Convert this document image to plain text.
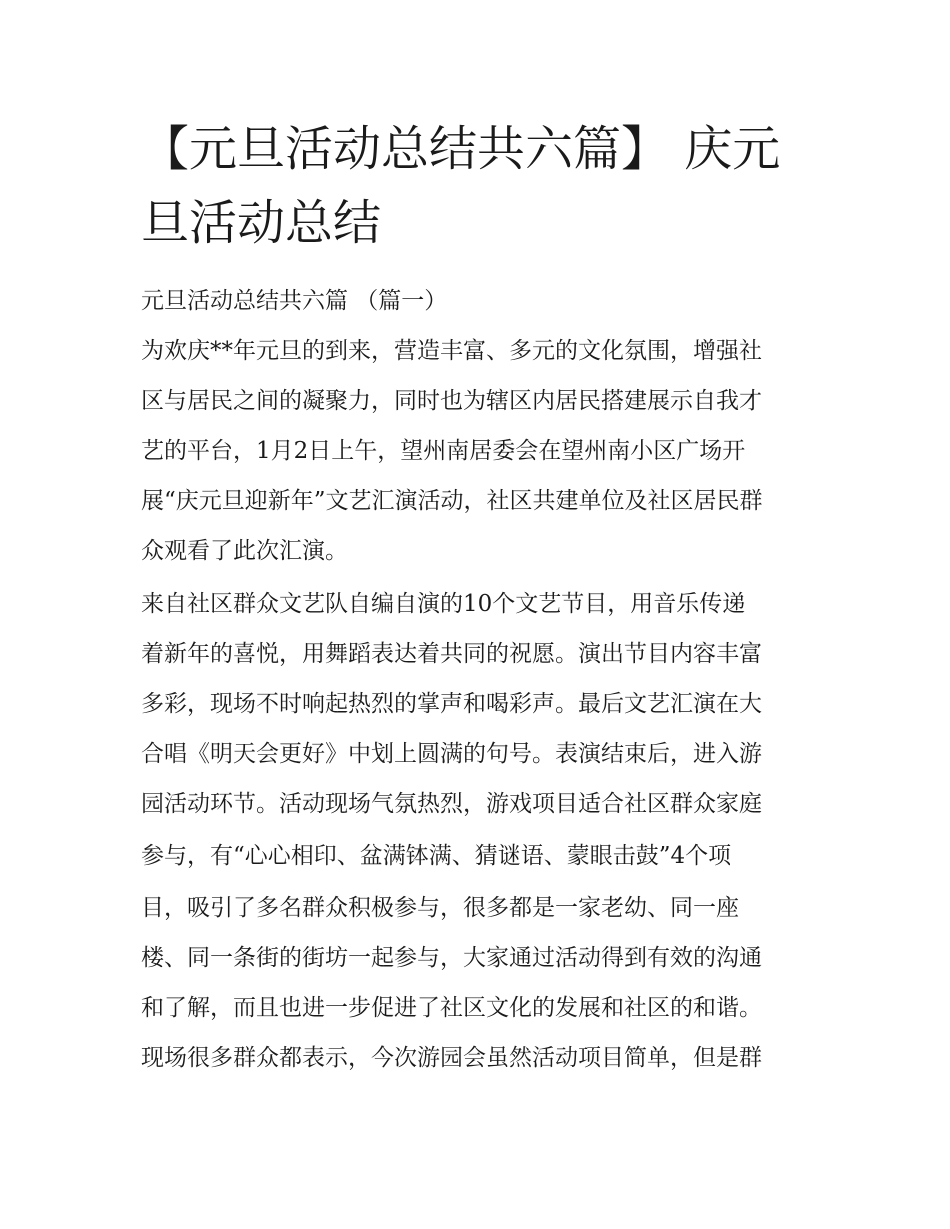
【元旦活动总结共六篇】 庆元旦活动总结

元旦活动总结共六篇 （篇一）

为欢庆**年元旦的到来，营造丰富、多元的文化氛围，增强社

区与居民之间的凝聚力，同时也为辖区内居民搭建展示自我才

艺的平台，1月2日上午，望州南居委会在望州南小区广场开

展“庆元旦迎新年”文艺汇演活动，社区共建单位及社区居民群

众观看了此次汇演。

来自社区群众文艺队自编自演的10个文艺节目，用音乐传递

着新年的喜悦，用舞蹈表达着共同的祝愿。演出节目内容丰富

多彩，现场不时响起热烈的掌声和喝彩声。最后文艺汇演在大

合唱《明天会更好》中划上圆满的句号。表演结束后，进入游

园活动环节。活动现场气氛热烈，游戏项目适合社区群众家庭

参与，有“心心相印、盆满钵满、猜谜语、蒙眼击鼓”4个项

目，吸引了多名群众积极参与，很多都是一家老幼、同一座

楼、同一条街的街坊一起参与，大家通过活动得到有效的沟通

和了解，而且也进一步促进了社区文化的发展和社区的和谐。

现场很多群众都表示，今次游园会虽然活动项目简单，但是群
